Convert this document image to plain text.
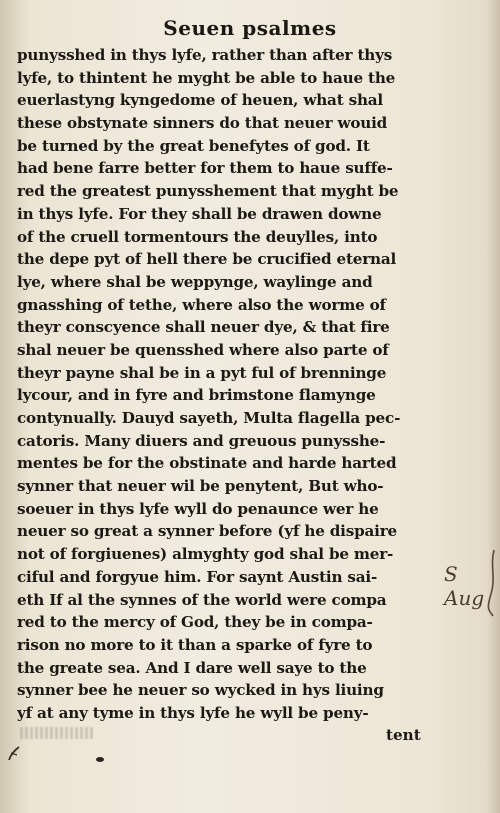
Seuen psalmes
punysshed in thys lyfe, rather than after thys
lyfe, to thintent he myght be able to haue the
euerlastyng kyngedome of heuen, what shal
these obstynate sinners do that neuer wouid
be turned by the great benefytes of god. It
had bene farre better for them to haue suffe-
red the greatest punysshement that myght be
in thys lyfe. For they shall be drawen downe
of the cruell tormentours the deuylles, into
the depe pyt of hell there be crucified eternal
lye, where shal be weppynge, waylinge and
gnasshing of tethe, where also the worme of
theyr conscyence shall neuer dye, & that fire
shal neuer be quensshed where also parte of
theyr payne shal be in a pyt ful of brenninge
lycour, and in fyre and brimstone flamynge
contynually. Dauyd sayeth, Multa flagella pec-
catoris. Many diuers and greuous punysshe-
mentes be for the obstinate and harde harted
synner that neuer wil be penytent, But who-
soeuer in thys lyfe wyll do penaunce wer he
neuer so great a synner before (yf he dispaire
not of forgiuenes) almyghty god shal be mer-
ciful and forgyue him. For saynt Austin sai-
eth If al the synnes of the world were compa
red to the mercy of God, they be in compa-
rison no more to it than a sparke of fyre to
the greate sea. And I dare well saye to the
synner bee he neuer so wycked in hys liuing
yf at any tyme in thys lyfe he wyll be peny-
tent
S Aug
